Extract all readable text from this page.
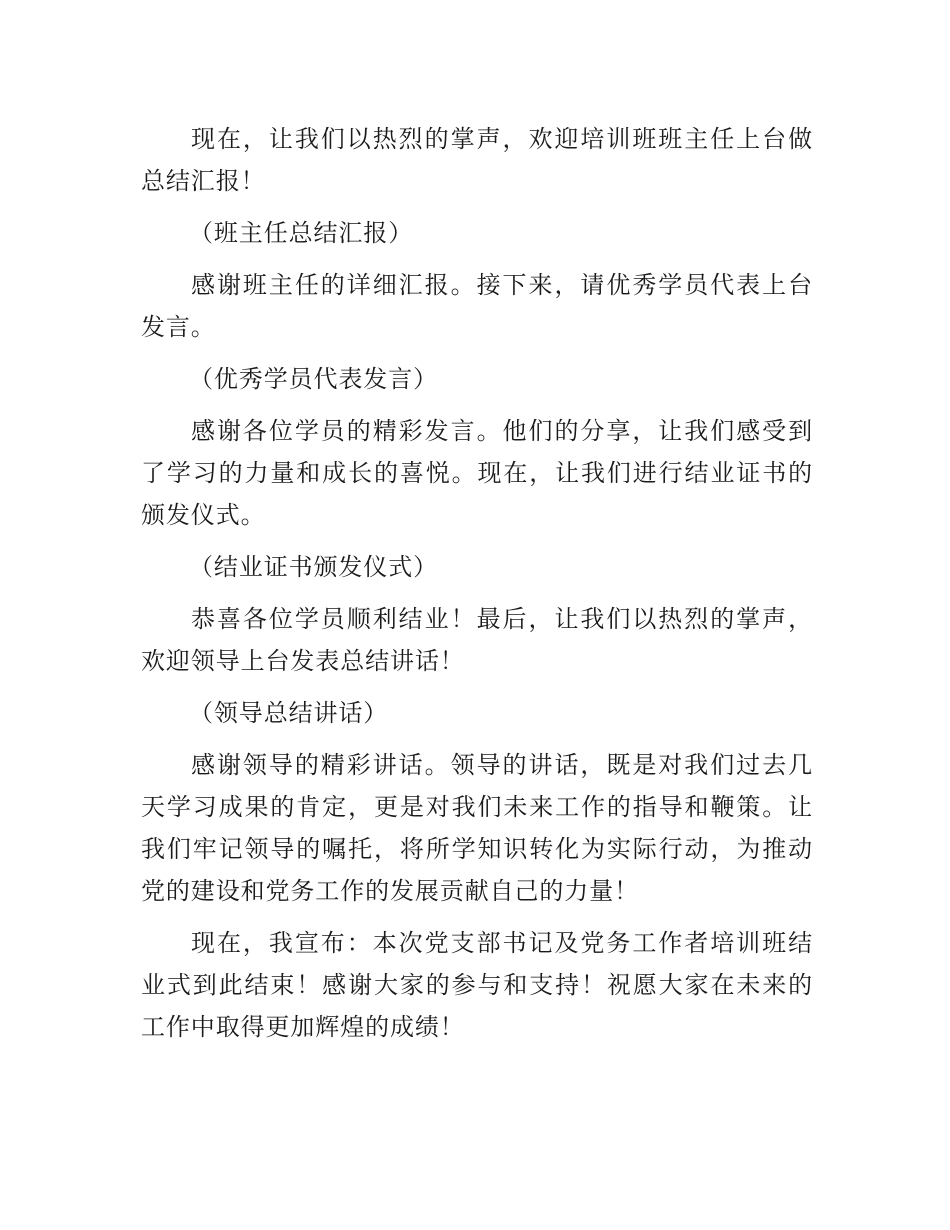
现在，让我们以热烈的掌声，欢迎培训班班主任上台做总结汇报！

（班主任总结汇报）

感谢班主任的详细汇报。接下来，请优秀学员代表上台发言。

（优秀学员代表发言）

感谢各位学员的精彩发言。他们的分享，让我们感受到了学习的力量和成长的喜悦。现在，让我们进行结业证书的颁发仪式。

（结业证书颁发仪式）

恭喜各位学员顺利结业！最后，让我们以热烈的掌声，欢迎领导上台发表总结讲话！

（领导总结讲话）

感谢领导的精彩讲话。领导的讲话，既是对我们过去几天学习成果的肯定，更是对我们未来工作的指导和鞭策。让我们牢记领导的嘱托，将所学知识转化为实际行动，为推动党的建设和党务工作的发展贡献自己的力量！

现在，我宣布：本次党支部书记及党务工作者培训班结业式到此结束！感谢大家的参与和支持！祝愿大家在未来的工作中取得更加辉煌的成绩！
